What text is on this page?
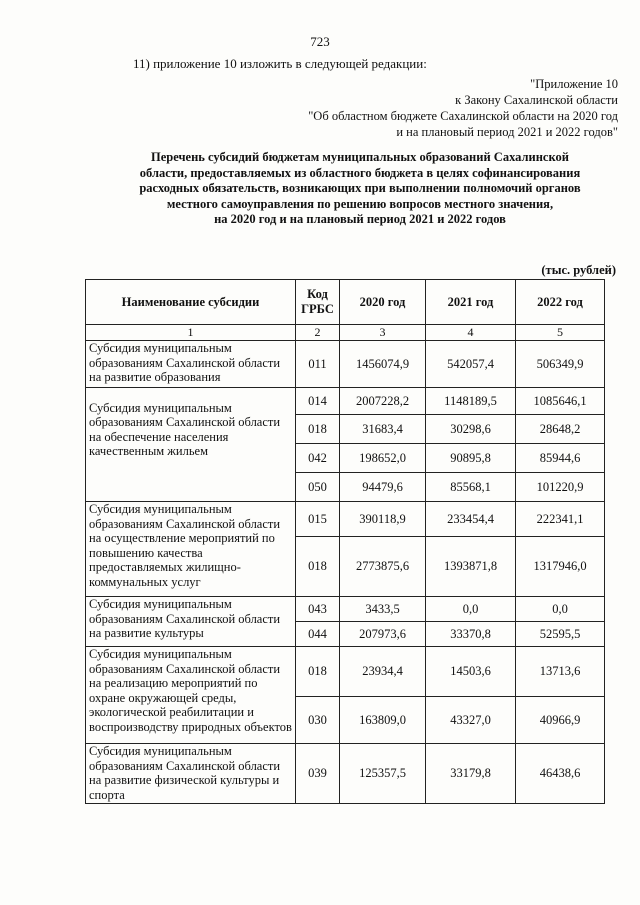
723
11) приложение 10 изложить в следующей редакции:
"Приложение 10
к Закону Сахалинской области
"Об областном бюджете Сахалинской области на 2020 год
и на плановый период 2021 и 2022 годов"
Перечень субсидий бюджетам муниципальных образований Сахалинской
области, предоставляемых из областного бюджета в целях софинансирования
расходных обязательств, возникающих при выполнении полномочий органов
местного самоуправления по решению вопросов местного значения,
на 2020 год и на плановый период 2021 и 2022 годов
(тыс. рублей)
Наименование субсидии	Код ГРБС	2020 год	2021 год	2022 год
1	2	3	4	5
Субсидия муниципальным образованиям Сахалинской области на развитие образования	011	1456074,9	542057,4	506349,9
Субсидия муниципальным образованиям Сахалинской области на обеспечение населения качественным жильем	014	2007228,2	1148189,5	1085646,1
	018	31683,4	30298,6	28648,2
	042	198652,0	90895,8	85944,6
	050	94479,6	85568,1	101220,9
Субсидия муниципальным образованиям Сахалинской области на осуществление мероприятий по повышению качества предоставляемых жилищно-коммунальных услуг	015	390118,9	233454,4	222341,1
	018	2773875,6	1393871,8	1317946,0
Субсидия муниципальным образованиям Сахалинской области на развитие культуры	043	3433,5	0,0	0,0
	044	207973,6	33370,8	52595,5
Субсидия муниципальным образованиям Сахалинской области на реализацию мероприятий по охране окружающей среды, экологической реабилитации и воспроизводству природных объектов	018	23934,4	14503,6	13713,6
	030	163809,0	43327,0	40966,9
Субсидия муниципальным образованиям Сахалинской области на развитие физической культуры и спорта	039	125357,5	33179,8	46438,6
